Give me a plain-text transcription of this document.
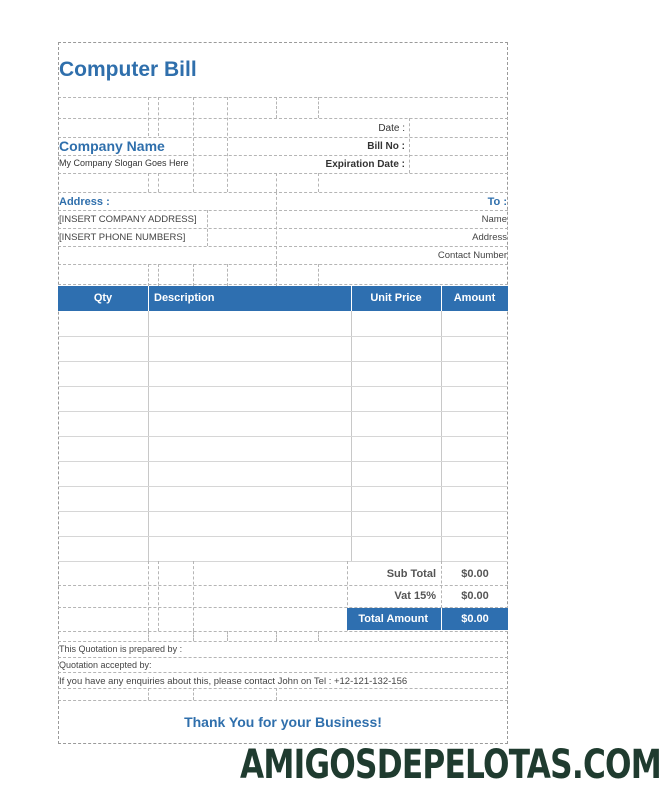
Computer Bill
Company Name
My Company Slogan Goes Here
Date :
Bill No :
Expiration Date :
Address :
[INSERT COMPANY ADDRESS]
[INSERT PHONE NUMBERS]
To :
Name
Address
Contact Number
Qty	Description	Unit Price	Amount
Sub Total	$0.00
Vat 15%	$0.00
Total Amount	$0.00
This Quotation is prepared by :
Quotation accepted by:
If you have any enquiries about this, please contact John on Tel : +12-121-132-156
Thank You for your Business!
AMIGOSDEPELOTAS.COM
